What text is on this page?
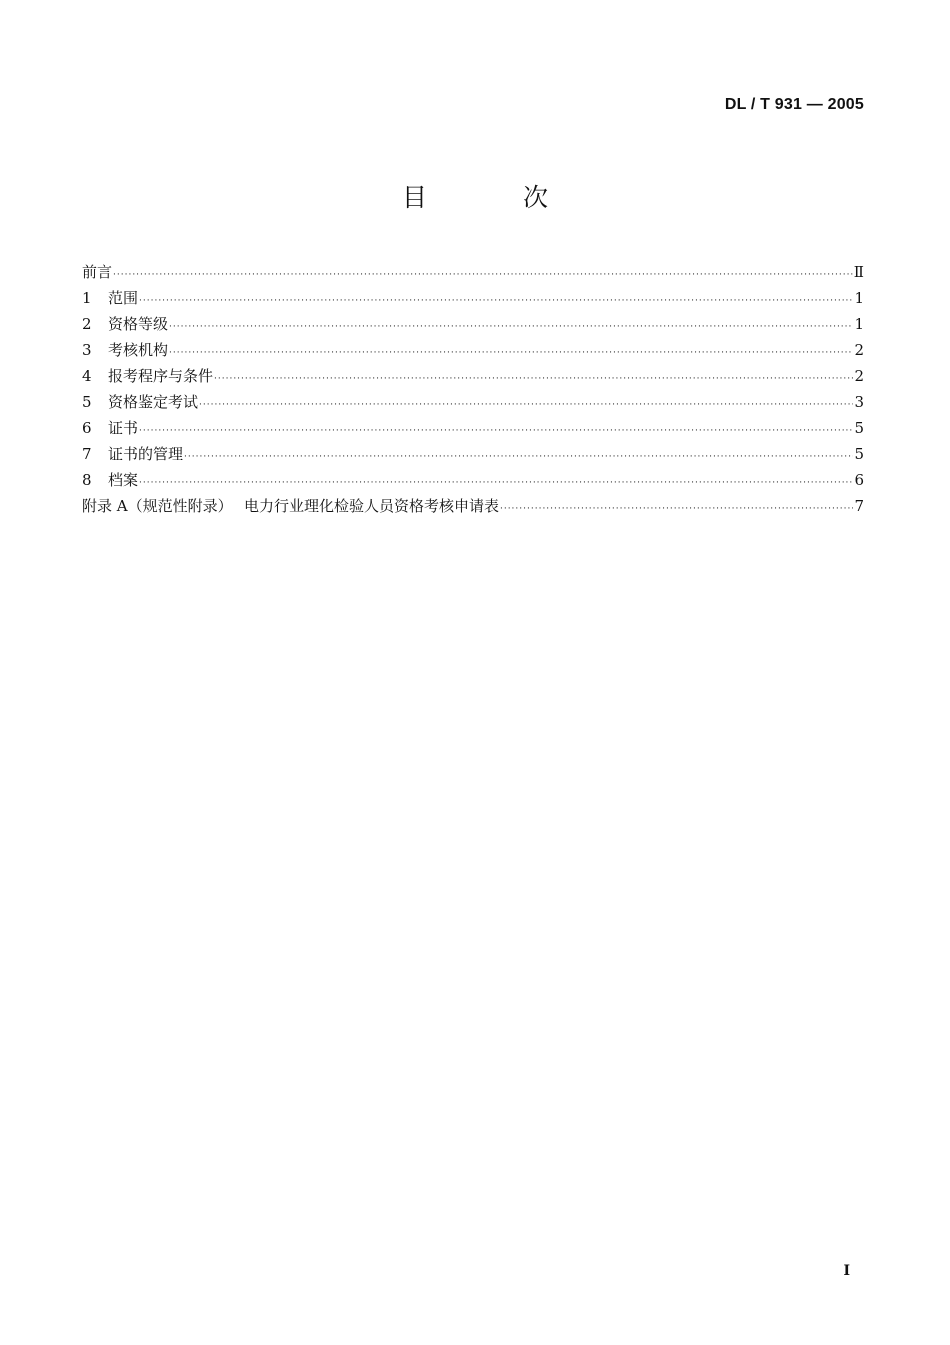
DL / T 931 — 2005
目 次
前言 ·····	Ⅱ
1	范围 ·····	1
2	资格等级 ·····	1
3	考核机构 ·····	2
4	报考程序与条件 ·····	2
5	资格鉴定考试 ·····	3
6	证书 ·····	5
7	证书的管理 ·····	5
8	档案 ·····	6
附录 A（规范性附录） 电力行业理化检验人员资格考核申请表 ·····	7
I
